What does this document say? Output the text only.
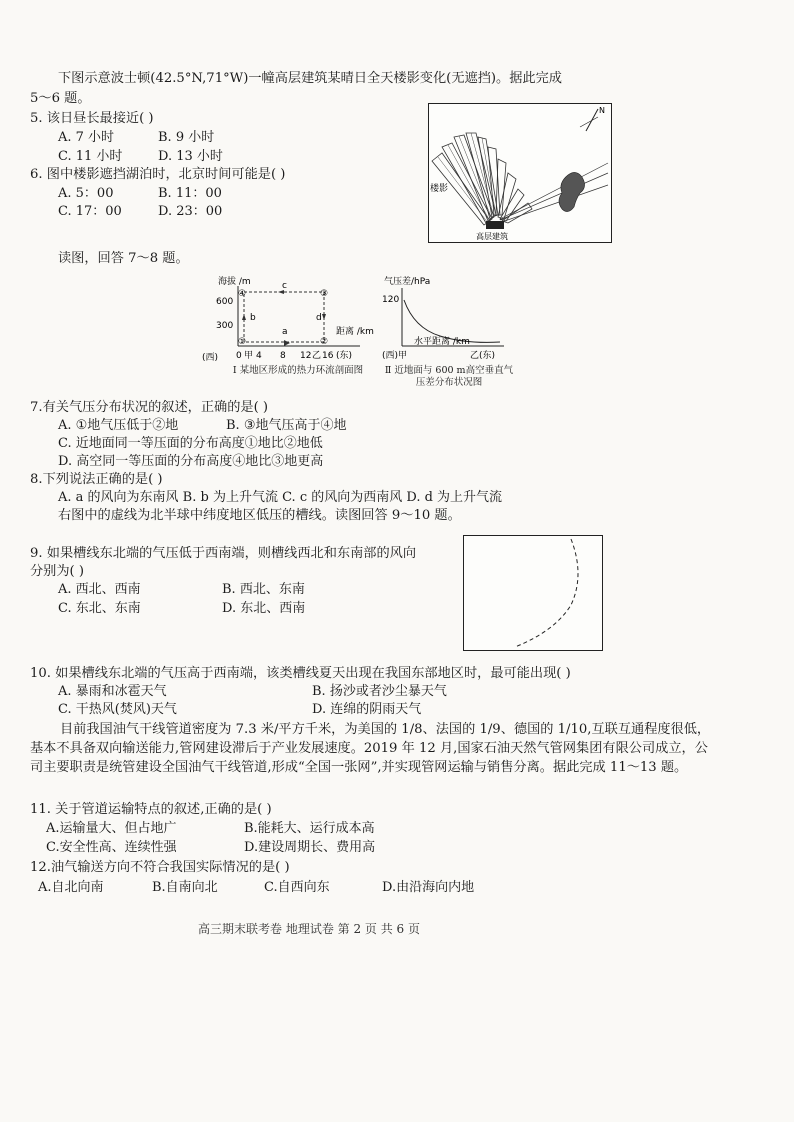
下图示意波士顿(42.5°N,71°W)一幢高层建筑某晴日全天楼影变化(无遮挡)。据此完成
5～6 题。
5. 该日昼长最接近( )
A. 7 小时	B. 9 小时
C. 11 小时	D. 13 小时
6. 图中楼影遮挡湖泊时，北京时间可能是( )
A. 5：00	B. 11：00
C. 17：00	D. 23：00
N
楼影
高层建筑
读图，回答 7～8 题。
海拔 /m
600
300
④	③
①	②
c
b	d
a	距离 /km
(西) 0 甲 4 8 12 乙 16 (东)
Ⅰ 某地区形成的热力环流剖面图
气压差/hPa
120
水平距离 /km
(西)甲	乙(东)
Ⅱ 近地面与 600 m高空垂直气压差分布状况图
7.有关气压分布状况的叙述，正确的是( )
A. ①地气压低于②地	B. ③地气压高于④地
C. 近地面同一等压面的分布高度①地比②地低
D. 高空同一等压面的分布高度④地比③地更高
8.下列说法正确的是( )
A. a 的风向为东南风 B. b 为上升气流 C. c 的风向为西南风 D. d 为上升气流
右图中的虚线为北半球中纬度地区低压的槽线。读图回答 9～10 题。
9. 如果槽线东北端的气压低于西南端，则槽线西北和东南部的风向
分别为( )
A. 西北、西南	B. 西北、东南
C. 东北、东南	D. 东北、西南
10. 如果槽线东北端的气压高于西南端，该类槽线夏天出现在我国东部地区时，最可能出现( )
A. 暴雨和冰雹天气	B. 扬沙或者沙尘暴天气
C. 干热风(焚风)天气	D. 连绵的阴雨天气
目前我国油气干线管道密度为 7.3 米/平方千米，为美国的 1/8、法国的 1/9、德国的 1/10,互联互通程度很低，基本不具备双向输送能力,管网建设滞后于产业发展速度。2019 年 12 月,国家石油天然气管网集团有限公司成立，公司主要职责是统管建设全国油气干线管道,形成“全国一张网”,并实现管网运输与销售分离。据此完成 11～13 题。
11. 关于管道运输特点的叙述,正确的是( )
A.运输量大、但占地广	B.能耗大、运行成本高
C.安全性高、连续性强	D.建设周期长、费用高
12.油气输送方向不符合我国实际情况的是( )
A.自北向南	B.自南向北	C.自西向东	D.由沿海向内地
高三期末联考卷 地理试卷 第 2 页 共 6 页
